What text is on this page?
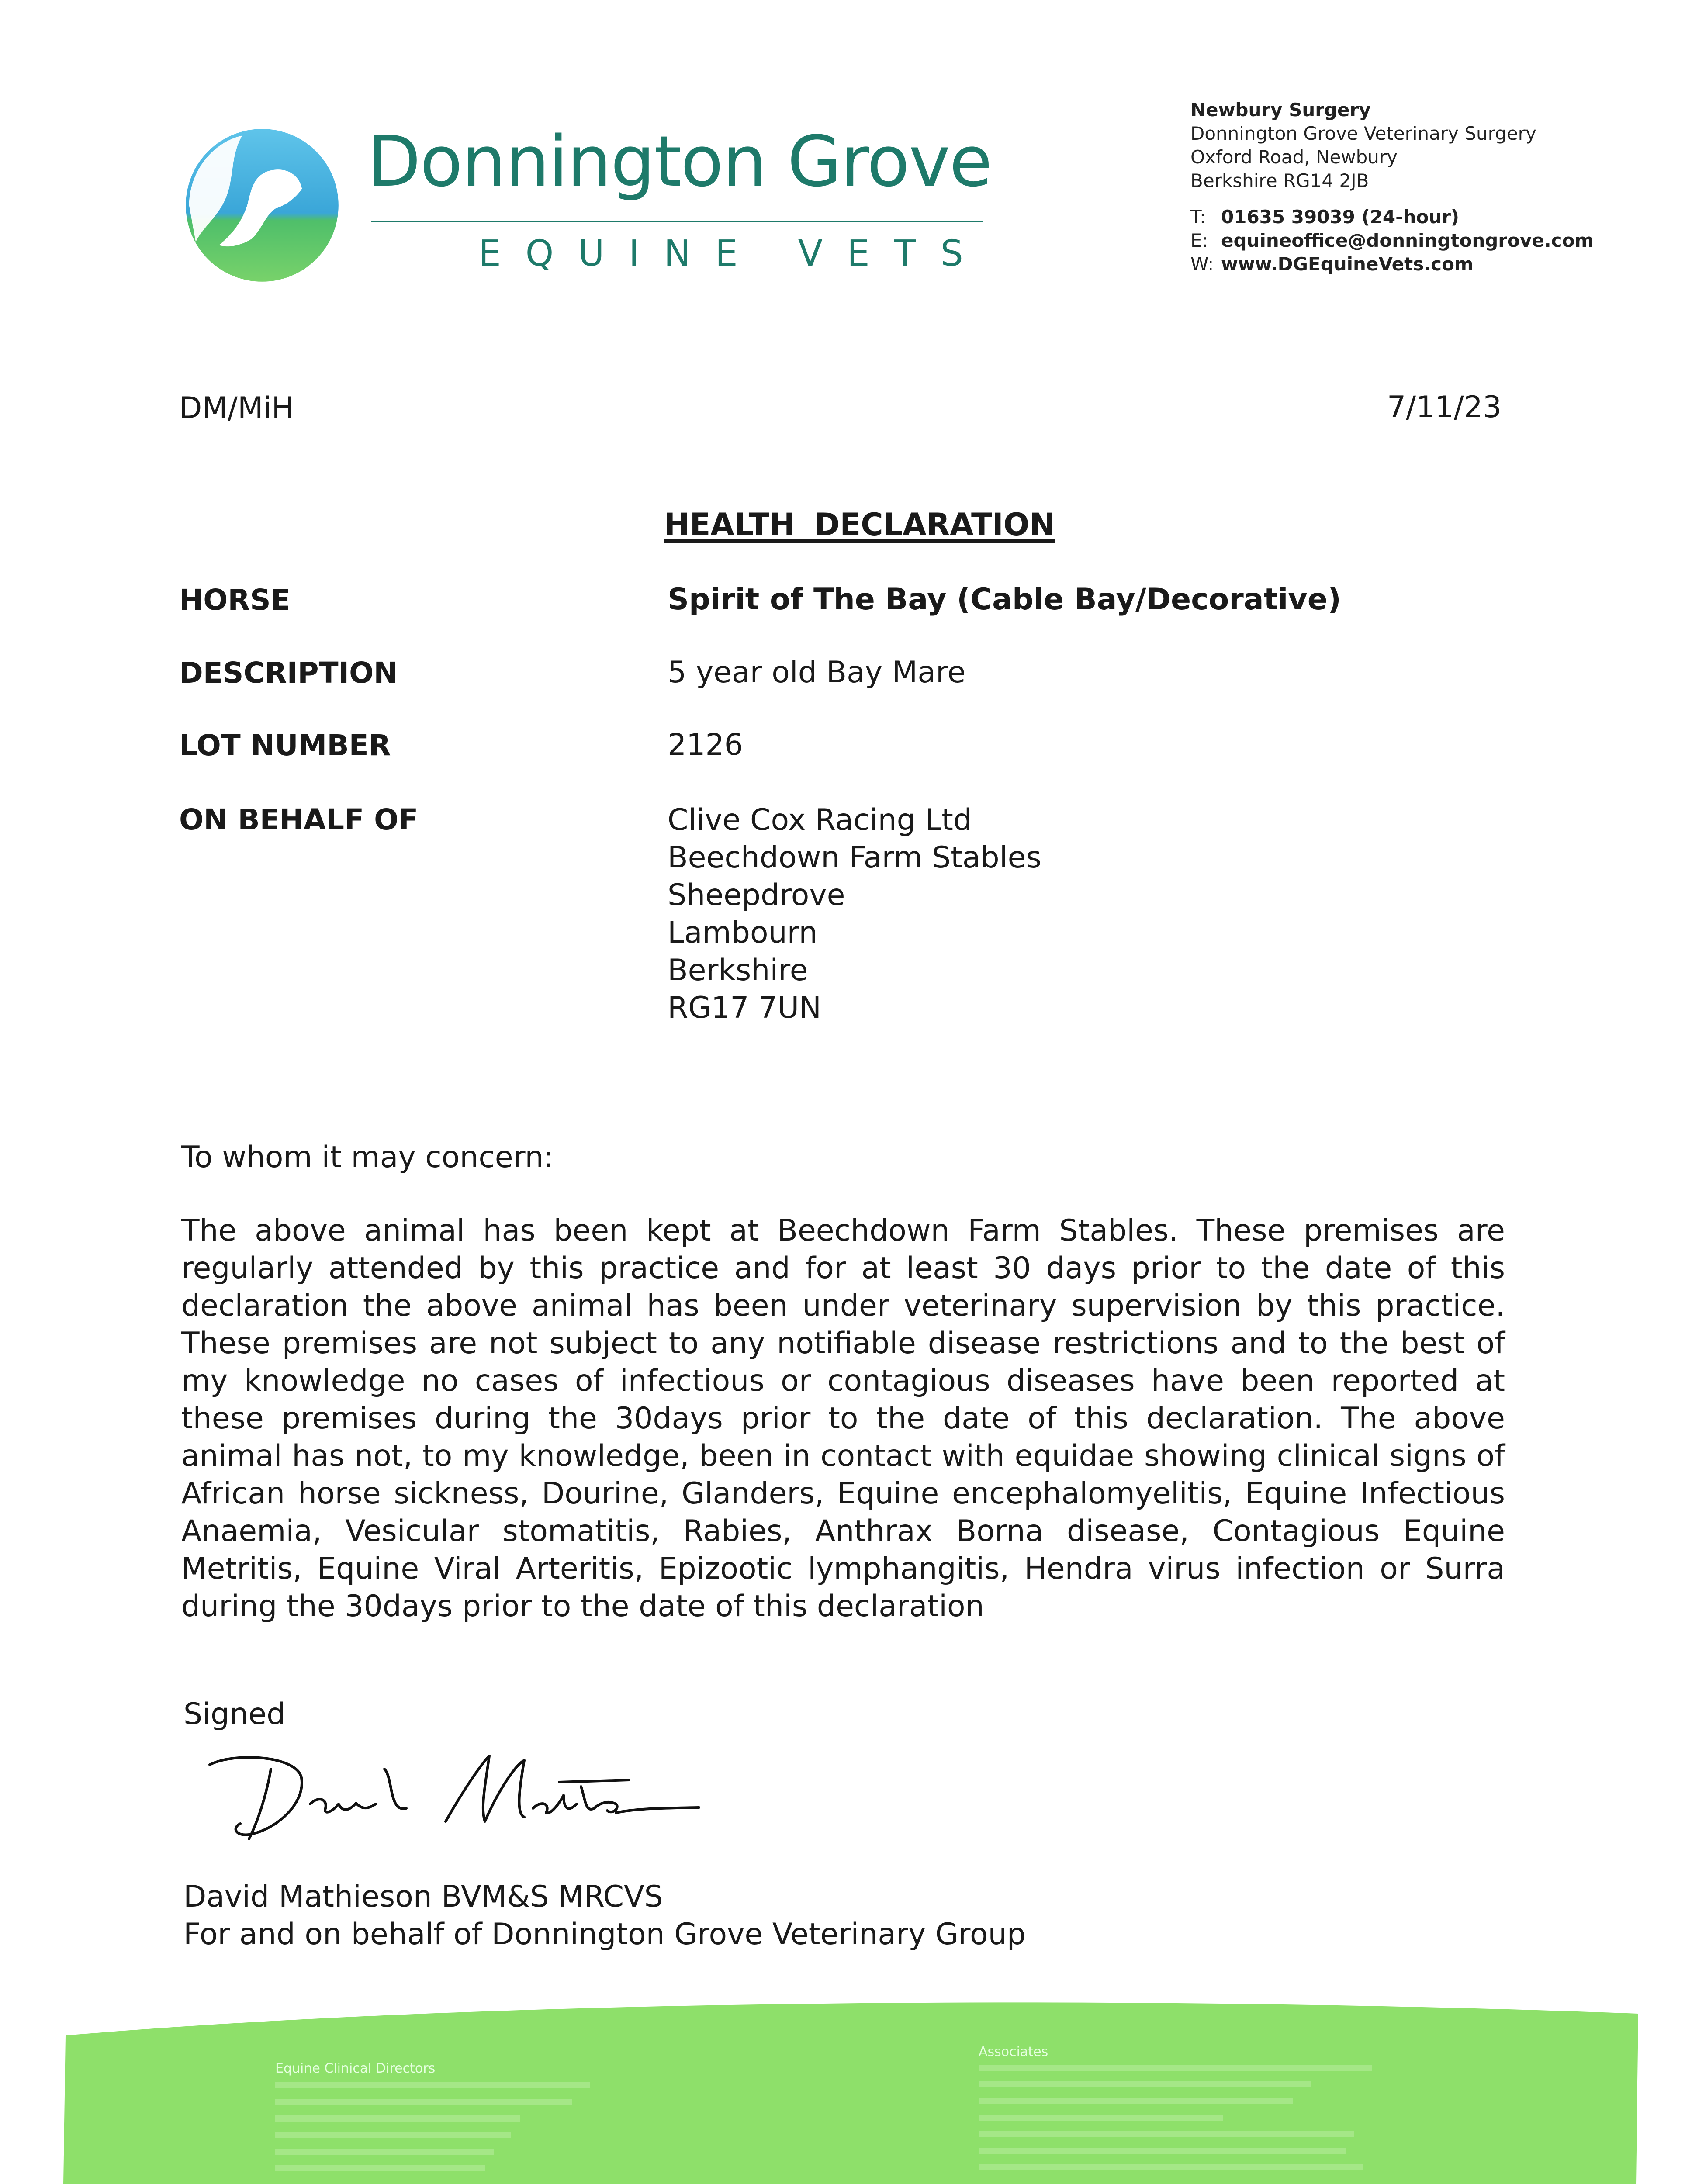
Donnington Grove
EQUINE VETS
Newbury Surgery
Donnington Grove Veterinary Surgery
Oxford Road, Newbury
Berkshire RG14 2JB
T: 01635 39039 (24-hour)
E: equineoffice@donningtongrove.com
W: www.DGEquineVets.com
DM/MiH	7/11/23
HEALTH DECLARATION
HORSE	Spirit of The Bay (Cable Bay/Decorative)
DESCRIPTION	5 year old Bay Mare
LOT NUMBER	2126
ON BEHALF OF	Clive Cox Racing Ltd
Beechdown Farm Stables
Sheepdrove
Lambourn
Berkshire
RG17 7UN
To whom it may concern:
The above animal has been kept at Beechdown Farm Stables. These premises are regularly attended by this practice and for at least 30 days prior to the date of this declaration the above animal has been under veterinary supervision by this practice. These premises are not subject to any notifiable disease restrictions and to the best of my knowledge no cases of infectious or contagious diseases have been reported at these premises during the 30days prior to the date of this declaration. The above animal has not, to my knowledge, been in contact with equidae showing clinical signs of African horse sickness, Dourine, Glanders, Equine encephalomyelitis, Equine Infectious Anaemia, Vesicular stomatitis, Rabies, Anthrax Borna disease, Contagious Equine Metritis, Equine Viral Arteritis, Epizootic lymphangitis, Hendra virus infection or Surra during the 30days prior to the date of this declaration
Signed
David Mathieson BVM&S MRCVS
For and on behalf of Donnington Grove Veterinary Group
Equine Clinical Directors
Associates
